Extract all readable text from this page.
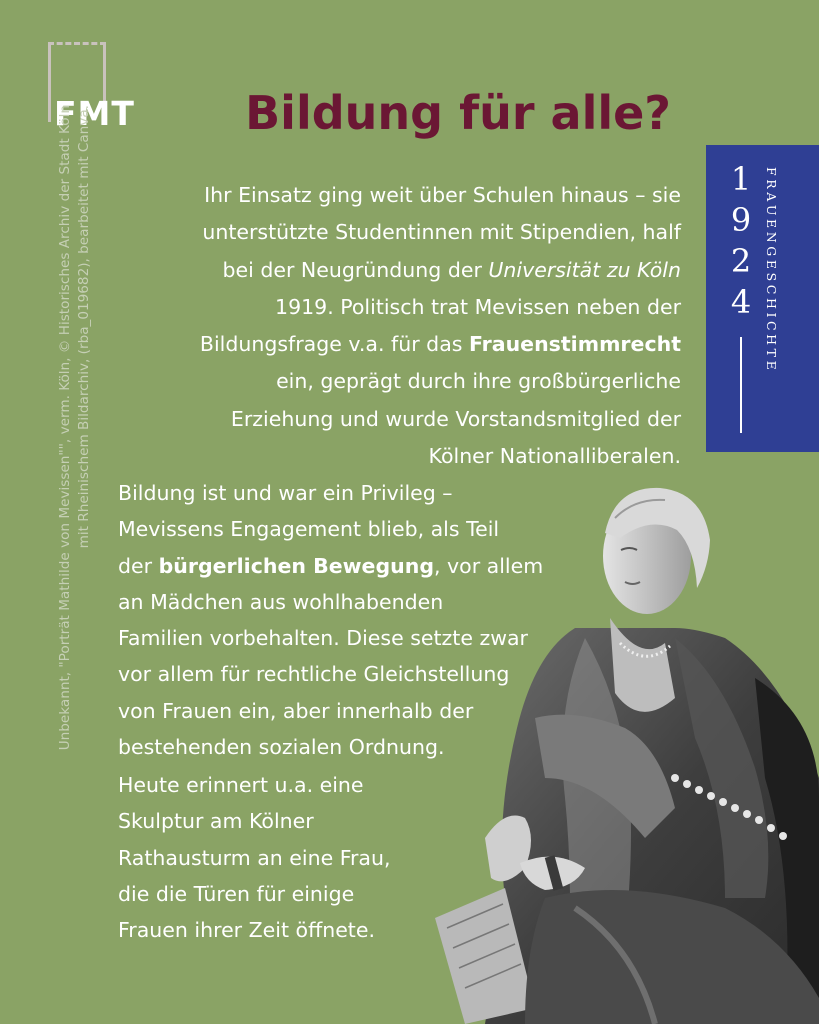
FMT
Unbekannt, "Porträt Mathilde von Mevissen"", verm. Köln, © Historisches Archiv der Stadt Köln mit Rheinischem Bildarchiv, (rba_019682), bearbeitet mit Canva.	Bildung für alle?
1
9
2
4	FRAUENGESCHICHTE
Ihr Einsatz ging weit über Schulen hinaus – sie
unterstützte Studentinnen mit Stipendien, half
bei der Neugründung der Universität zu Köln
1919. Politisch trat Mevissen neben der
Bildungsfrage v.a. für das Frauenstimmrecht
ein, geprägt durch ihre großbürgerliche
Erziehung und wurde Vorstandsmitglied der
Kölner Nationalliberalen.
Bildung ist und war ein Privileg –
Mevissens Engagement blieb, als Teil
der bürgerlichen Bewegung, vor allem
an Mädchen aus wohlhabenden
Familien vorbehalten. Diese setzte zwar
vor allem für rechtliche Gleichstellung
von Frauen ein, aber innerhalb der
bestehenden sozialen Ordnung.
Heute erinnert u.a. eine
Skulptur am Kölner
Rathausturm an eine Frau,
die die Türen für einige
Frauen ihrer Zeit öffnete.
